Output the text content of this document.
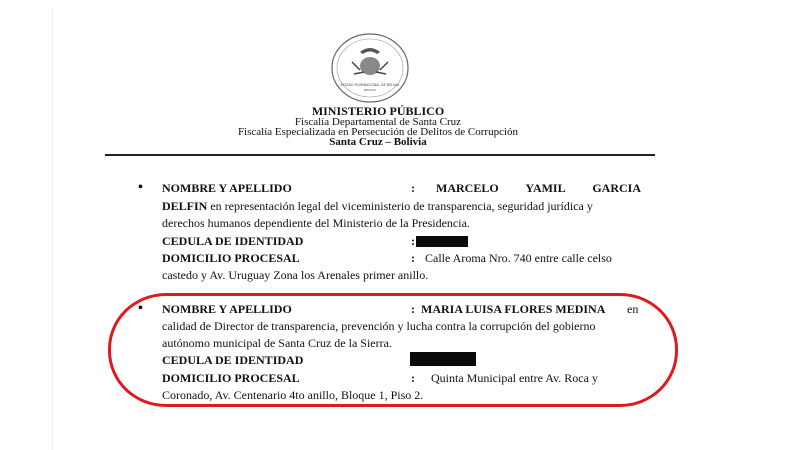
ESTADO PLURINACIONAL DE BOLIVIA
BOLIVIA
MINISTERIO PÚBLICO
Fiscalía Departamental de Santa Cruz
Fiscalía Especializada en Persecución de Delitos de Corrupción
Santa Cruz – Bolivia
• NOMBRE Y APELLIDO	: MARCELO YAMIL GARCIA
DELFIN en representación legal del viceministerio de transparencia, seguridad jurídica y
derechos humanos dependiente del Ministerio de la Presidencia.
CEDULA DE IDENTIDAD	:
DOMICILIO PROCESAL	: Calle Aroma Nro. 740 entre calle celso
castedo y Av. Uruguay Zona los Arenales primer anillo.
• NOMBRE Y APELLIDO	: MARIA LUISA FLORES MEDINA en
calidad de Director de transparencia, prevención y lucha contra la corrupción del gobierno
autónomo municipal de Santa Cruz de la Sierra.
CEDULA DE IDENTIDAD
DOMICILIO PROCESAL	: Quinta Municipal entre Av. Roca y
Coronado, Av. Centenario 4to anillo, Bloque 1, Piso 2.
